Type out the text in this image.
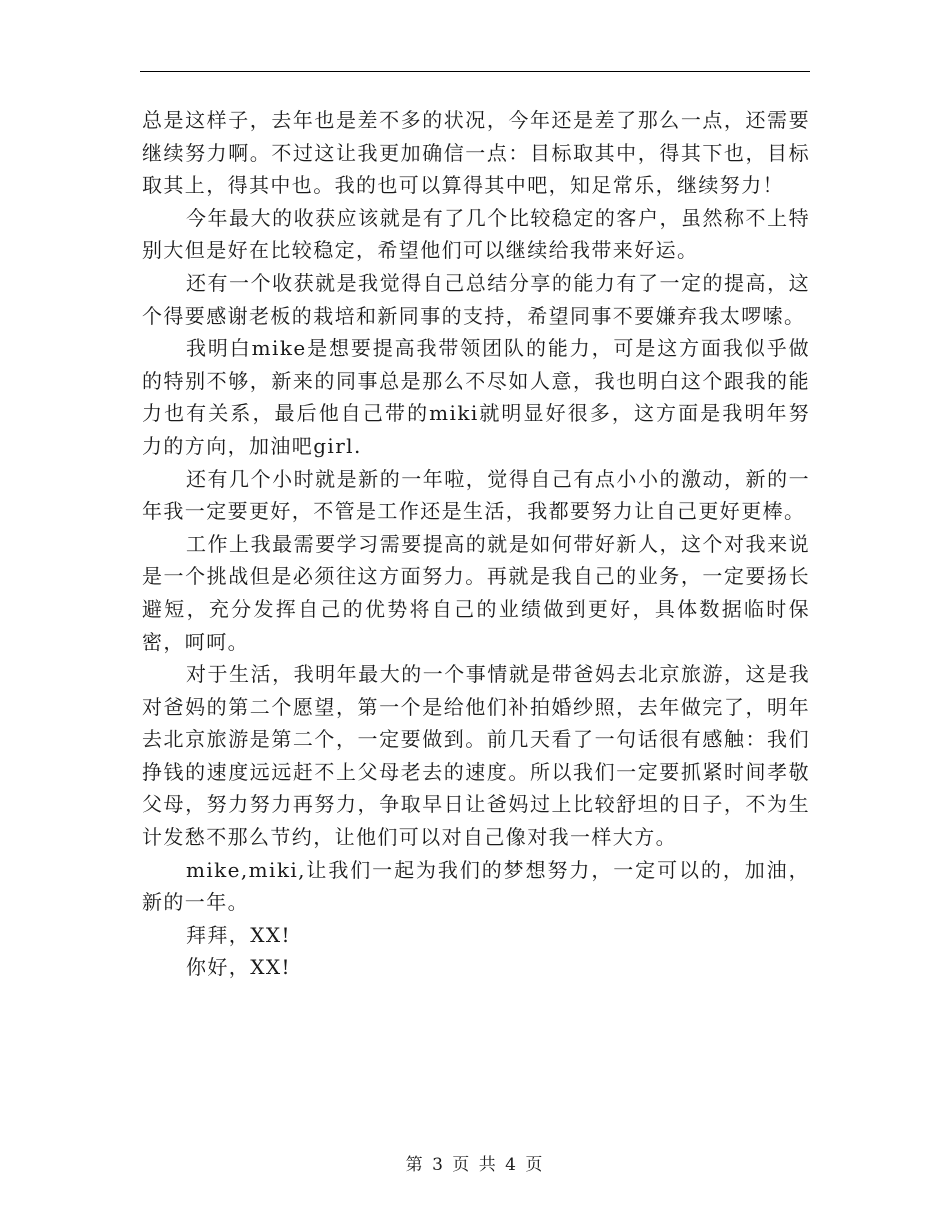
总是这样子，去年也是差不多的状况，今年还是差了那么一点，还需要继续努力啊。不过这让我更加确信一点：目标取其中，得其下也，目标取其上，得其中也。我的也可以算得其中吧，知足常乐，继续努力！

今年最大的收获应该就是有了几个比较稳定的客户，虽然称不上特别大但是好在比较稳定，希望他们可以继续给我带来好运。

还有一个收获就是我觉得自己总结分享的能力有了一定的提高，这个得要感谢老板的栽培和新同事的支持，希望同事不要嫌弃我太啰嗦。

我明白mike是想要提高我带领团队的能力，可是这方面我似乎做的特别不够，新来的同事总是那么不尽如人意，我也明白这个跟我的能力也有关系，最后他自己带的miki就明显好很多，这方面是我明年努力的方向，加油吧girl.

还有几个小时就是新的一年啦，觉得自己有点小小的激动，新的一年我一定要更好，不管是工作还是生活，我都要努力让自己更好更棒。

工作上我最需要学习需要提高的就是如何带好新人，这个对我来说是一个挑战但是必须往这方面努力。再就是我自己的业务，一定要扬长避短，充分发挥自己的优势将自己的业绩做到更好，具体数据临时保密，呵呵。

对于生活，我明年最大的一个事情就是带爸妈去北京旅游，这是我对爸妈的第二个愿望，第一个是给他们补拍婚纱照，去年做完了，明年去北京旅游是第二个，一定要做到。前几天看了一句话很有感触：我们挣钱的速度远远赶不上父母老去的速度。所以我们一定要抓紧时间孝敬父母，努力努力再努力，争取早日让爸妈过上比较舒坦的日子，不为生计发愁不那么节约，让他们可以对自己像对我一样大方。

mike,miki,让我们一起为我们的梦想努力，一定可以的，加油，新的一年。

拜拜，XX!

你好，XX!

第 3 页 共 4 页
